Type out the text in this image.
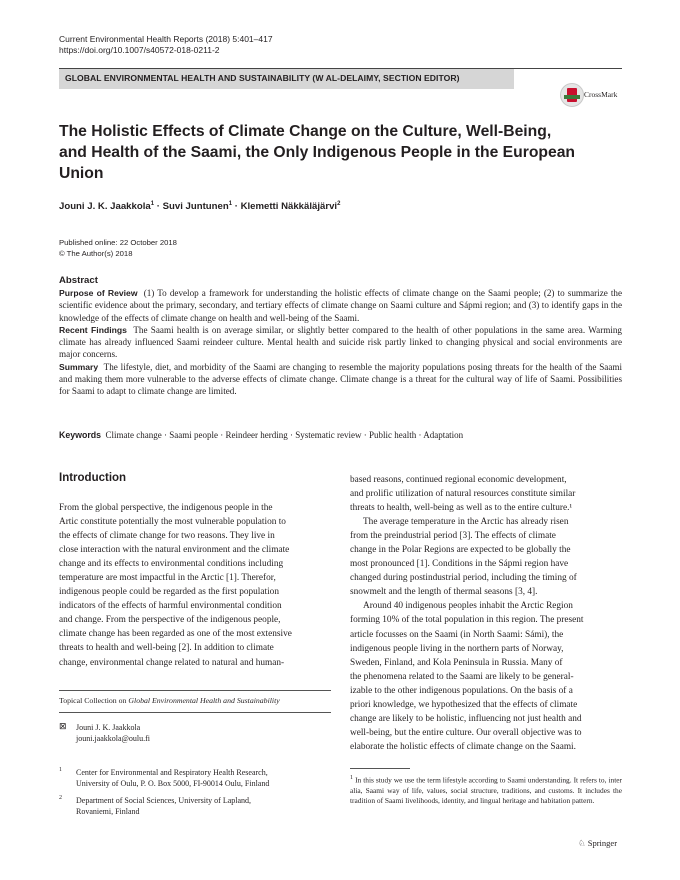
Current Environmental Health Reports (2018) 5:401–417
https://doi.org/10.1007/s40572-018-0211-2
GLOBAL ENVIRONMENTAL HEALTH AND SUSTAINABILITY (W AL-DELAIMY, SECTION EDITOR)
CrossMark
The Holistic Effects of Climate Change on the Culture, Well-Being,
and Health of the Saami, the Only Indigenous People in the European
Union
Jouni J. K. Jaakkola$^1$ · Suvi Juntunen$^1$ · Klemetti Näkkäläjärvi$^2$
Published online: 22 October 2018
© The Author(s) 2018
Abstract

Purpose of Review (1) To develop a framework for understanding the holistic effects of climate change on the Saami people; (2) to summarize the scientific evidence about the primary, secondary, and tertiary effects of climate change on Saami culture and Sápmi region; and (3) to identify gaps in the knowledge of the effects of climate change on health and well-being of the Saami.

Recent Findings The Saami health is on average similar, or slightly better compared to the health of other populations in the same area. Warming climate has already influenced Saami reindeer culture. Mental health and suicide risk partly linked to changing physical and social environments are major concerns.

Summary The lifestyle, diet, and morbidity of the Saami are changing to resemble the majority populations posing threats for the health of the Saami and making them more vulnerable to the adverse effects of climate change. Climate change is a threat for the cultural way of life of Saami. Possibilities for Saami to adapt to climate change are limited.

Keywords Climate change · Saami people · Reindeer herding · Systematic review · Public health · Adaptation
Introduction
From the global perspective, the indigenous people in the
Artic constitute potentially the most vulnerable population to
the effects of climate change for two reasons. They live in
close interaction with the natural environment and the climate
change and its effects to environmental conditions including
temperature are most impactful in the Arctic [1]. Therefor,
indigenous people could be regarded as the first population
indicators of the effects of harmful environmental condition
and change. From the perspective of the indigenous people,
climate change has been regarded as one of the most extensive
threats to health and well-being [2]. In addition to climate
change, environmental change related to natural and human-
based reasons, continued regional economic development,
and prolific utilization of natural resources constitute similar
threats to health, well-being as well as to the entire culture.¹
The average temperature in the Arctic has already risen
from the preindustrial period [3]. The effects of climate
change in the Polar Regions are expected to be globally the
most pronounced [1]. Conditions in the Sápmi region have
changed during postindustrial period, including the timing of
snowmelt and the length of thermal seasons [3, 4].
Around 40 indigenous peoples inhabit the Arctic Region
forming 10% of the total population in this region. The present
article focusses on the Saami (in North Saami: Sámi), the
indigenous people living in the northern parts of Norway,
Sweden, Finland, and Kola Peninsula in Russia. Many of
the phenomena related to the Saami are likely to be general-
izable to the other indigenous populations. On the basis of a
priori knowledge, we hypothesized that the effects of climate
change are likely to be holistic, influencing not just health and
well-being, but the entire culture. Our overall objective was to
elaborate the holistic effects of climate change on the Saami.
Topical Collection on Global Environmental Health and Sustainability
⊠ Jouni J. K. Jaakkola
jouni.jaakkola@oulu.fi
1 Center for Environmental and Respiratory Health Research,
University of Oulu, P. O. Box 5000, FI-90014 Oulu, Finland
2 Department of Social Sciences, University of Lapland,
Rovaniemi, Finland
$^1$ In this study we use the term lifestyle according to Saami understanding. It refers to, inter alia, Saami way of life, values, social structure, traditions, and customs. It includes the tradition of Saami livelihoods, identity, and lingual heritage and habitation pattern.
♘ Springer
